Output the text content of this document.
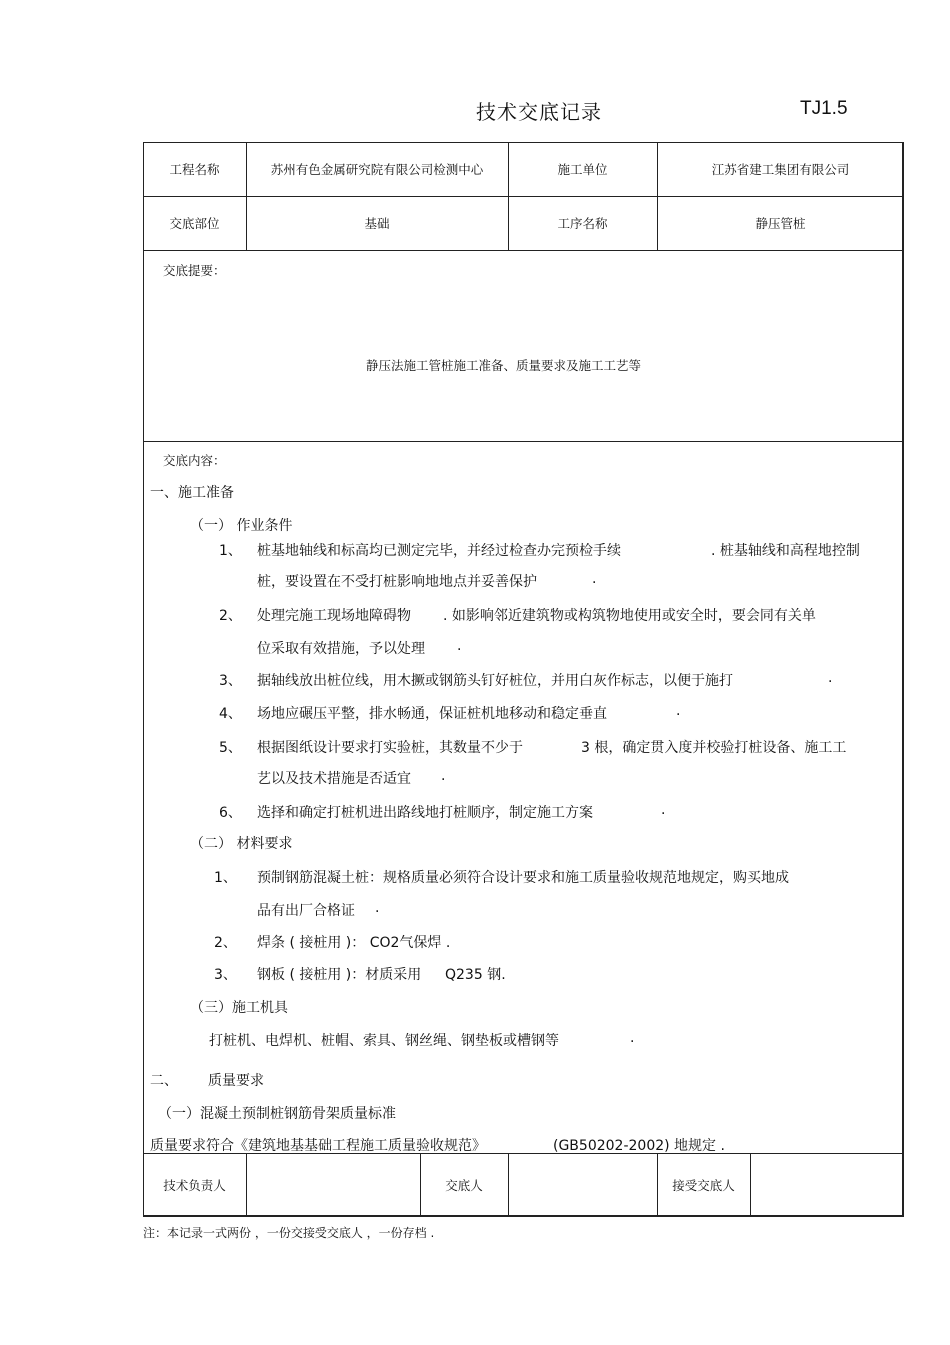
技术交底记录	TJ1.5
工程名称	苏州有色金属研究院有限公司检测中心	施工单位	江苏省建工集团有限公司
交底部位	基础	工序名称	静压管桩
交底提要：
静压法施工管桩施工准备、质量要求及施工工艺等
交底内容：
一、施工准备
（一） 作业条件
1、 桩基地轴线和标高均已测定完毕，并经过检查办完预检手续	. 桩基轴线和高程地控制
桩，要设置在不受打桩影响地地点并妥善保护	.
2、 处理完施工现场地障碍物 . 如影响邻近建筑物或构筑物地使用或安全时，要会同有关单
位采取有效措施，予以处理 .
3、 据轴线放出桩位线，用木撅或钢筋头钉好桩位，并用白灰作标志，以便于施打	.
4、 场地应碾压平整，排水畅通，保证桩机地移动和稳定垂直	.
5、 根据图纸设计要求打实验桩，其数量不少于	3 根，确定贯入度并校验打桩设备、施工工
艺以及技术措施是否适宜 .
6、 选择和确定打桩机进出路线地打桩顺序，制定施工方案	.
（二） 材料要求
1、 预制钢筋混凝土桩：规格质量必须符合设计要求和施工质量验收规范地规定，购买地成
品有出厂合格证 .
2、 焊条 ( 接桩用 )： CO2气保焊 .
3、 钢板 ( 接桩用 )：材质采用 Q235 钢.
（三）施工机具
打桩机、电焊机、桩帽、索具、钢丝绳、钢垫板或槽钢等	.
二、 质量要求
（一）混凝土预制桩钢筋骨架质量标准
质量要求符合《建筑地基基础工程施工质量验收规范》	(GB50202-2002) 地规定 .
技术负责人	交底人	接受交底人
注：本记录一式两份 ，一份交接受交底人 ，一份存档 .
